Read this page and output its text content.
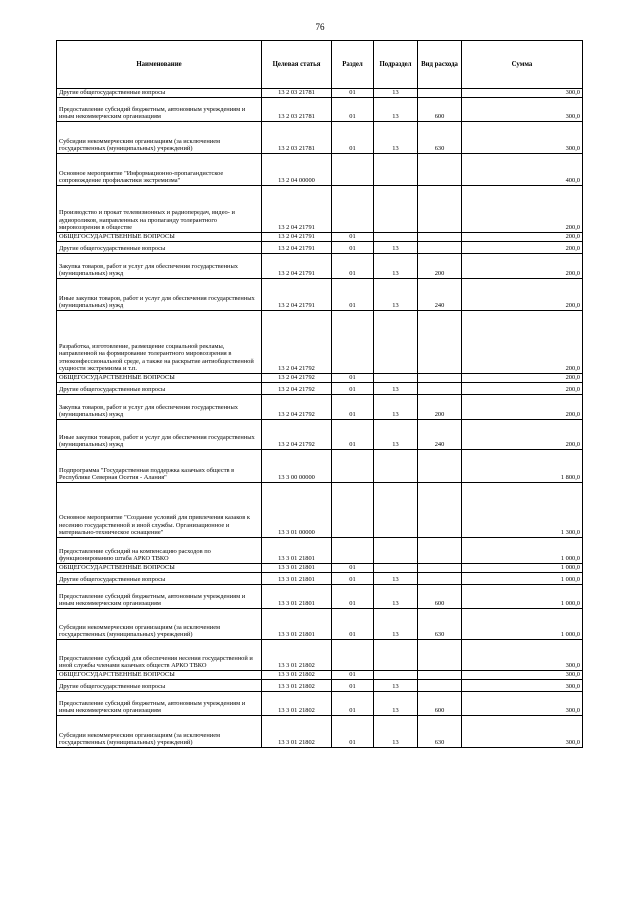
76
Наименование	Целевая статья	Раздел	Подраздел	Вид расхода	Сумма
Другие общегосударственные вопросы	13 2 03 21781	01	13		300,0
Предоставление субсидий бюджетным, автономным учреждениям и иным некоммерческим организациям	13 2 03 21781	01	13	600	300,0
Субсидии некоммерческим организациям (за исключением государственных (муниципальных) учреждений)	13 2 03 21781	01	13	630	300,0
Основное мероприятие "Информационно-пропагандистское сопровождение профилактики экстремизма"	13 2 04 00000				400,0
Производство и прокат телевизионных и радиопередач, видео- и аудиороликов, направленных на пропаганду толерантного мировоззрения в обществе	13 2 04 21791				200,0
ОБЩЕГОСУДАРСТВЕННЫЕ ВОПРОСЫ	13 2 04 21791	01			200,0
Другие общегосударственные вопросы	13 2 04 21791	01	13		200,0
Закупка товаров, работ и услуг для обеспечения государственных (муниципальных) нужд	13 2 04 21791	01	13	200	200,0
Иные закупки товаров, работ и услуг для обеспечения государственных (муниципальных) нужд	13 2 04 21791	01	13	240	200,0
Разработка, изготовление, размещение социальной рекламы, направленной на формирование толерантного мировоззрения в этноконфессиональной среде, а также на раскрытие антиобщественной сущности экстремизма и т.п.	13 2 04 21792				200,0
ОБЩЕГОСУДАРСТВЕННЫЕ ВОПРОСЫ	13 2 04 21792	01			200,0
Другие общегосударственные вопросы	13 2 04 21792	01	13		200,0
Закупка товаров, работ и услуг для обеспечения государственных (муниципальных) нужд	13 2 04 21792	01	13	200	200,0
Иные закупки товаров, работ и услуг для обеспечения государственных (муниципальных) нужд	13 2 04 21792	01	13	240	200,0
Подпрограмма "Государственная поддержка казачьих обществ в Республике Северная Осетия - Алания"	13 3 00 00000				1 800,0
Основное мероприятие "Создание условий для привлечения казаков к несению государственной и иной службы. Организационное и материально-техническое оснащение"	13 3 01 00000				1 300,0
Предоставление субсидий на компенсацию расходов по функционированию штаба АРКО ТВКО	13 3 01 21801				1 000,0
ОБЩЕГОСУДАРСТВЕННЫЕ ВОПРОСЫ	13 3 01 21801	01			1 000,0
Другие общегосударственные вопросы	13 3 01 21801	01	13		1 000,0
Предоставление субсидий бюджетным, автономным учреждениям и иным некоммерческим организациям	13 3 01 21801	01	13	600	1 000,0
Субсидии некоммерческим организациям (за исключением государственных (муниципальных) учреждений)	13 3 01 21801	01	13	630	1 000,0
Предоставление субсидий для обеспечения несения государственной и иной службы членами казачьих обществ АРКО ТВКО	13 3 01 21802				300,0
ОБЩЕГОСУДАРСТВЕННЫЕ ВОПРОСЫ	13 3 01 21802	01			300,0
Другие общегосударственные вопросы	13 3 01 21802	01	13		300,0
Предоставление субсидий бюджетным, автономным учреждениям и иным некоммерческим организациям	13 3 01 21802	01	13	600	300,0
Субсидии некоммерческим организациям (за исключением государственных (муниципальных) учреждений)	13 3 01 21802	01	13	630	300,0
